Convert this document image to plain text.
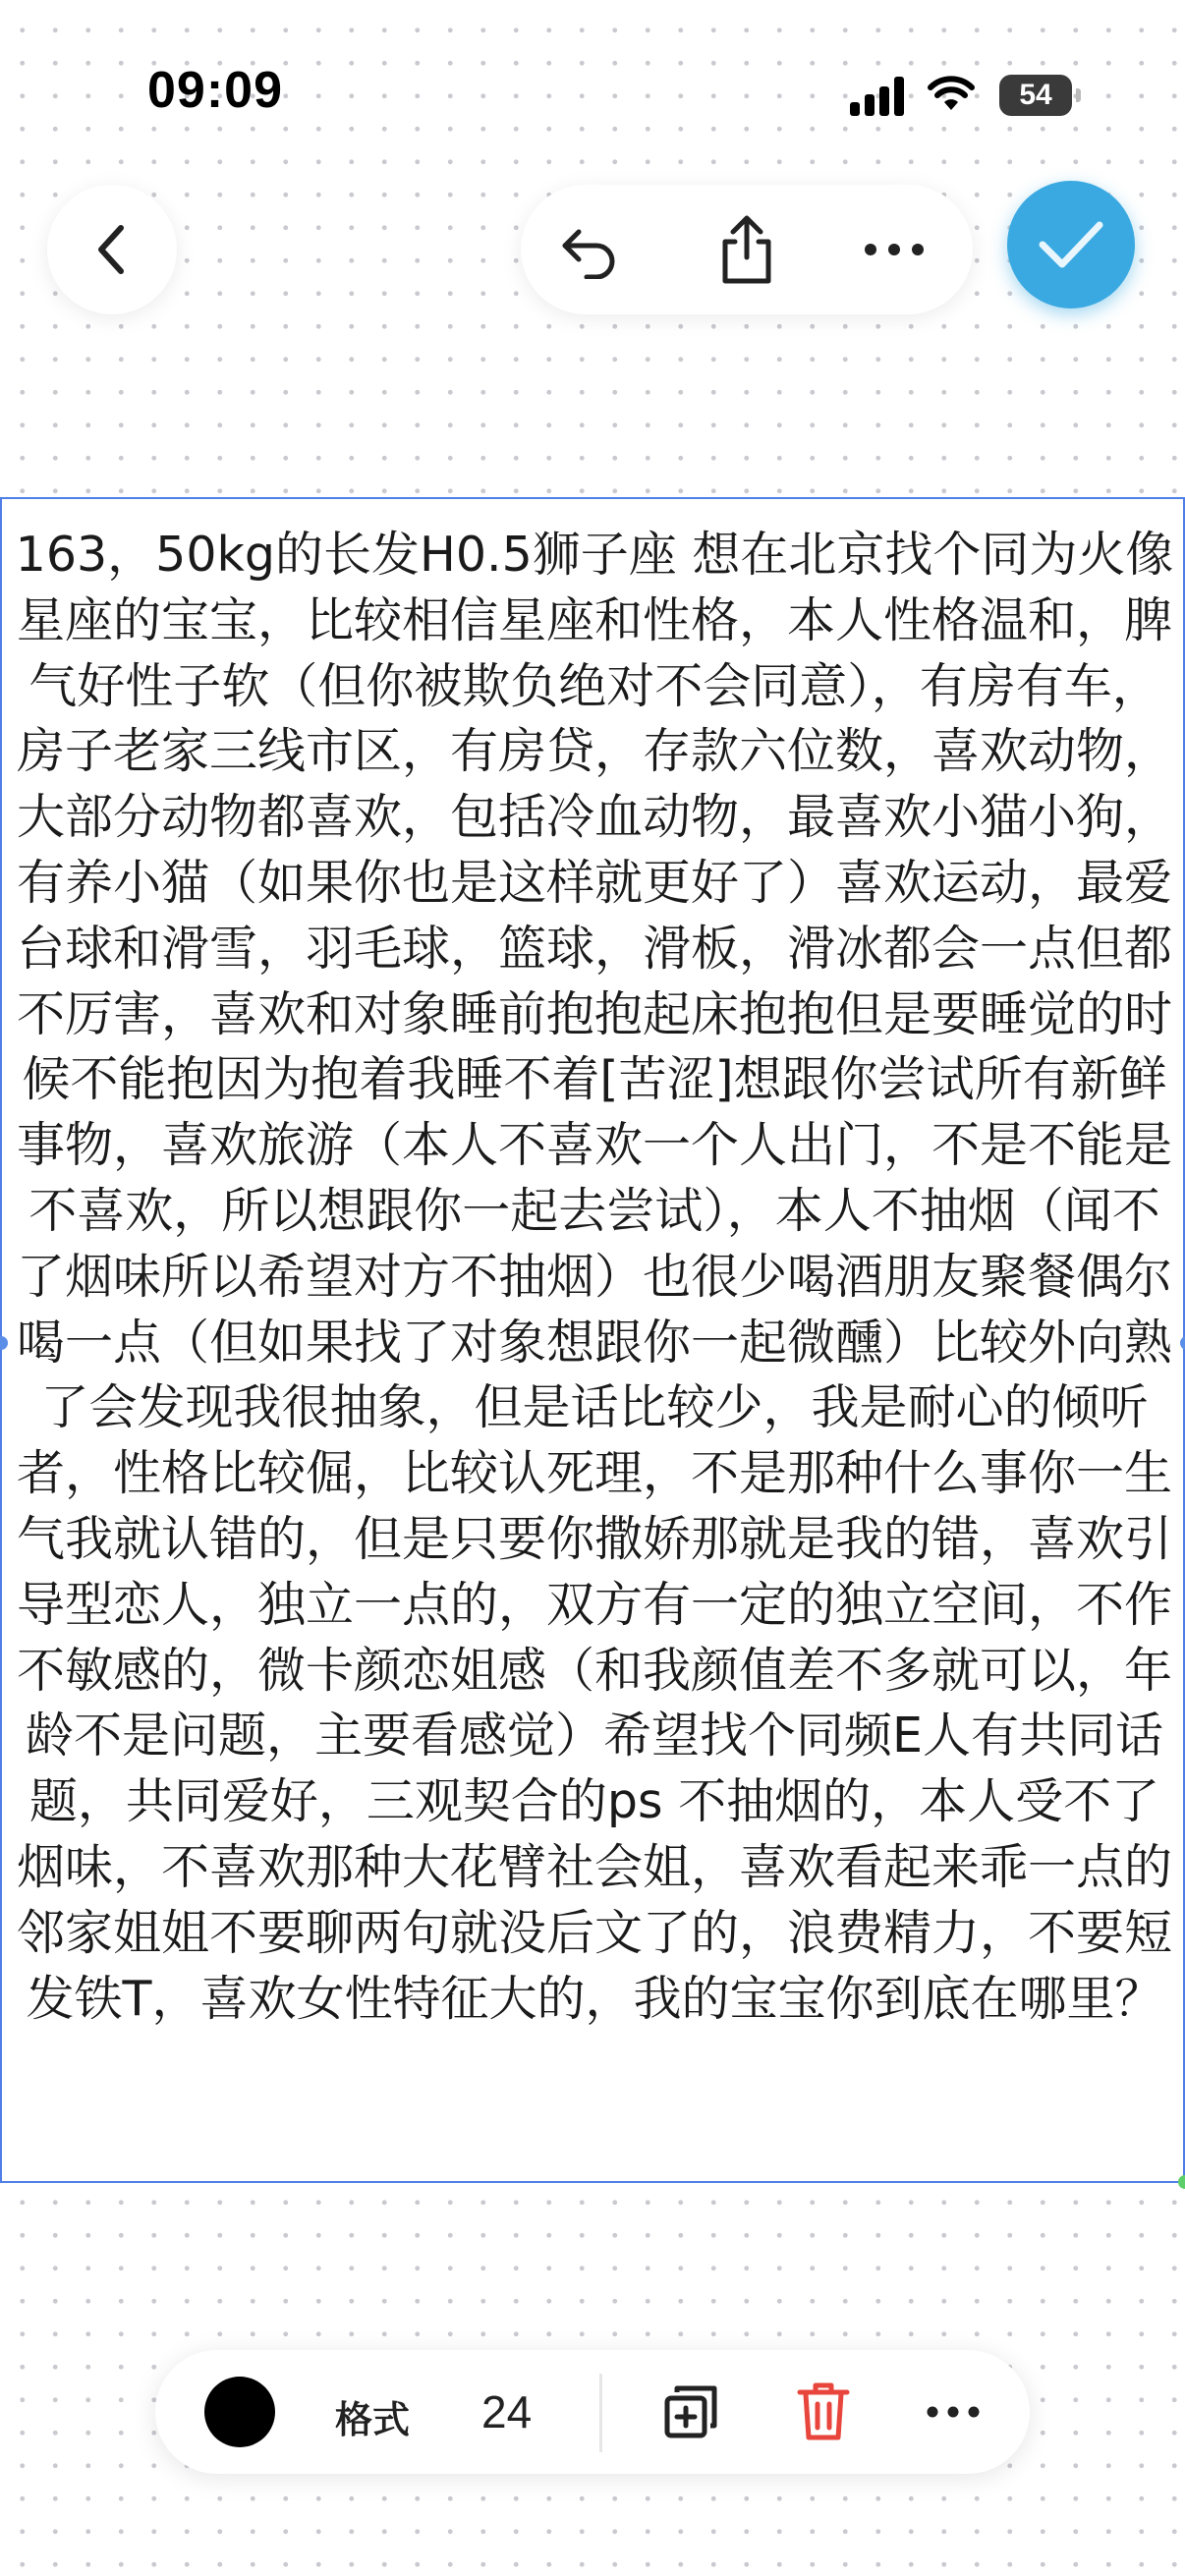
09:09	54

163，50kg的长发H0.5狮子座 想在北京找个同为火像星座的宝宝，比较相信星座和性格，本人性格温和，脾气好性子软（但你被欺负绝对不会同意），有房有车，房子老家三线市区，有房贷，存款六位数，喜欢动物，大部分动物都喜欢，包括冷血动物，最喜欢小猫小狗，有养小猫（如果你也是这样就更好了）喜欢运动，最爱台球和滑雪，羽毛球，篮球，滑板，滑冰都会一点但都不厉害，喜欢和对象睡前抱抱起床抱抱但是要睡觉的时候不能抱因为抱着我睡不着[苦涩]想跟你尝试所有新鲜事物，喜欢旅游（本人不喜欢一个人出门，不是不能是不喜欢，所以想跟你一起去尝试），本人不抽烟（闻不了烟味所以希望对方不抽烟）也很少喝酒朋友聚餐偶尔喝一点（但如果找了对象想跟你一起微醺）比较外向熟了会发现我很抽象，但是话比较少，我是耐心的倾听者，性格比较倔，比较认死理，不是那种什么事你一生气我就认错的，但是只要你撒娇那就是我的错，喜欢引导型恋人，独立一点的，双方有一定的独立空间，不作不敏感的，微卡颜恋姐感（和我颜值差不多就可以，年龄不是问题，主要看感觉）希望找个同频E人有共同话题，共同爱好，三观契合的ps 不抽烟的，本人受不了烟味，不喜欢那种大花臂社会姐，喜欢看起来乖一点的邻家姐姐不要聊两句就没后文了的，浪费精力，不要短发铁T，喜欢女性特征大的，我的宝宝你到底在哪里？

格式 24
